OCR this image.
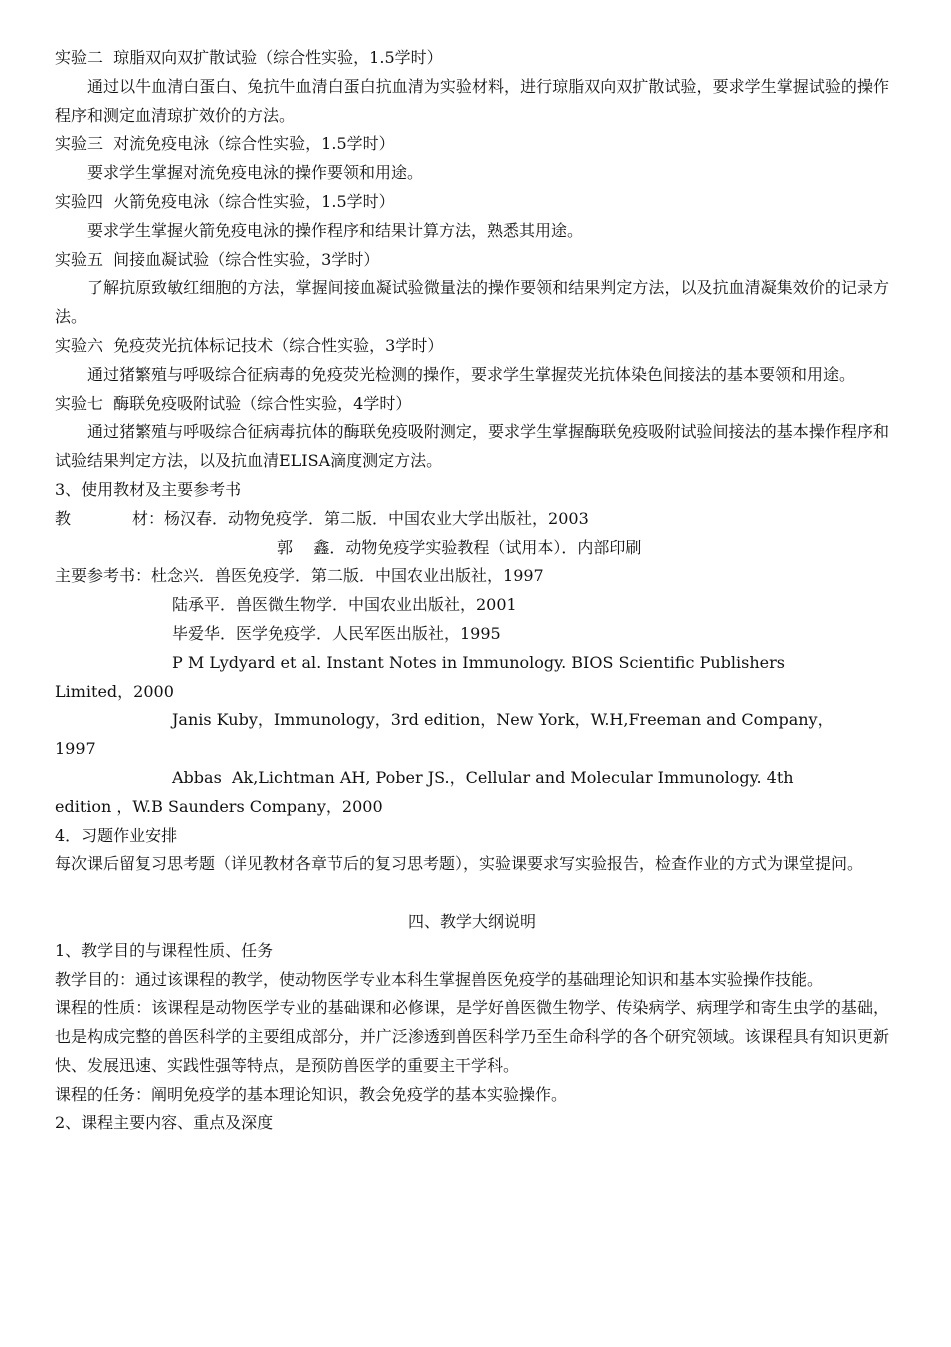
实验二  琼脂双向双扩散试验（综合性实验，1.5学时）
通过以牛血清白蛋白、兔抗牛血清白蛋白抗血清为实验材料，进行琼脂双向双扩散试验，要求学生掌握试验的操作程序和测定血清琼扩效价的方法。
实验三  对流免疫电泳（综合性实验，1.5学时）
要求学生掌握对流免疫电泳的操作要领和用途。
实验四  火箭免疫电泳（综合性实验，1.5学时）
要求学生掌握火箭免疫电泳的操作程序和结果计算方法，熟悉其用途。
实验五  间接血凝试验（综合性实验，3学时）
了解抗原致敏红细胞的方法，掌握间接血凝试验微量法的操作要领和结果判定方法，以及抗血清凝集效价的记录方法。
实验六  免疫荧光抗体标记技术（综合性实验，3学时）
通过猪繁殖与呼吸综合征病毒的免疫荧光检测的操作，要求学生掌握荧光抗体染色间接法的基本要领和用途。
实验七  酶联免疫吸附试验（综合性实验，4学时）
通过猪繁殖与呼吸综合征病毒抗体的酶联免疫吸附测定，要求学生掌握酶联免疫吸附试验间接法的基本操作程序和试验结果判定方法，以及抗血清ELISA滴度测定方法。
3、使用教材及主要参考书
教            材：杨汉春．动物免疫学．第二版．中国农业大学出版社，2003
郭    鑫．动物免疫学实验教程（试用本）．内部印刷
主要参考书：杜念兴．兽医免疫学．第二版．中国农业出版社，1997
陆承平．兽医微生物学．中国农业出版社，2001
毕爱华．医学免疫学．人民军医出版社，1995
P M Lydyard et al. Instant Notes in Immunology. BIOS Scientific Publishers
Limited，2000
Janis Kuby，Immunology，3rd edition，New York，W.H,Freeman and Company，
1997
Abbas  Ak,Lichtman AH, Pober JS.，Cellular and Molecular Immunology. 4th
edition ，W.B Saunders Company，2000
4．习题作业安排
每次课后留复习思考题（详见教材各章节后的复习思考题），实验课要求写实验报告，检查作业的方式为课堂提问。
四、教学大纲说明
1、教学目的与课程性质、任务
教学目的：通过该课程的教学，使动物医学专业本科生掌握兽医免疫学的基础理论知识和基本实验操作技能。
课程的性质：该课程是动物医学专业的基础课和必修课，是学好兽医微生物学、传染病学、病理学和寄生虫学的基础，也是构成完整的兽医科学的主要组成部分，并广泛渗透到兽医科学乃至生命科学的各个研究领域。该课程具有知识更新快、发展迅速、实践性强等特点，是预防兽医学的重要主干学科。
课程的任务：阐明免疫学的基本理论知识，教会免疫学的基本实验操作。
2、课程主要内容、重点及深度
